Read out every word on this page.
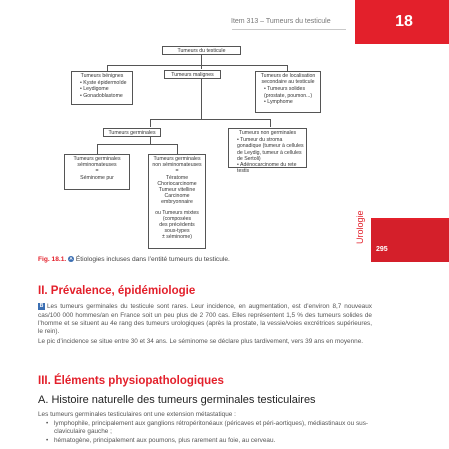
Item 313 – Tumeurs du testicule	18
Urologie
295
Tumeurs du testicule
Tumeurs bénignes
• Kyste épidermoïde
• Leydigome
• Gonadoblastome
Tumeurs malignes	Tumeurs de localisation secondaire au testicule
• Tumeurs solides (prostate, poumon...)
• Lymphome
Tumeurs germinales	Tumeurs non germinales
• Tumeur du stroma gonadique (tumeur à cellules de Leydig, tumeur à cellules de Sertoli)
• Adénocarcinome du rete testis
Tumeurs germinales séminomateuses
=
Séminome pur
Tumeurs germinales non séminomateuses
=
Tératome
Choriocarcinome
Tumeur vitelline
Carcinome
embryonnaire
ou Tumeurs mixtes
(composées
des précédents
sous-types
± séminome)
Fig. 18.1. A Étiologies incluses dans l’entité tumeurs du testicule.
II. Prévalence, épidémiologie
B Les tumeurs germinales du testicule sont rares. Leur incidence, en augmentation, est d’environ 8,7 nouveaux cas/100 000 hommes/an en France soit un peu plus de 2 700 cas. Elles représentent 1,5 % des tumeurs solides de l’homme et se situent au 4e rang des tumeurs urologiques (après la prostate, la vessie/voies excrétrices supérieures, le rein).
Le pic d’incidence se situe entre 30 et 34 ans. Le séminome se déclare plus tardivement, vers 39 ans en moyenne.
III. Éléments physiopathologiques
A. Histoire naturelle des tumeurs germinales testiculaires
Les tumeurs germinales testiculaires ont une extension métastatique :
• lymphophile, principalement aux ganglions rétropéritonéaux (péricaves et péri-aortiques), médiastinaux ou sus-claviculaire gauche ;
• hématogène, principalement aux poumons, plus rarement au foie, au cerveau.
